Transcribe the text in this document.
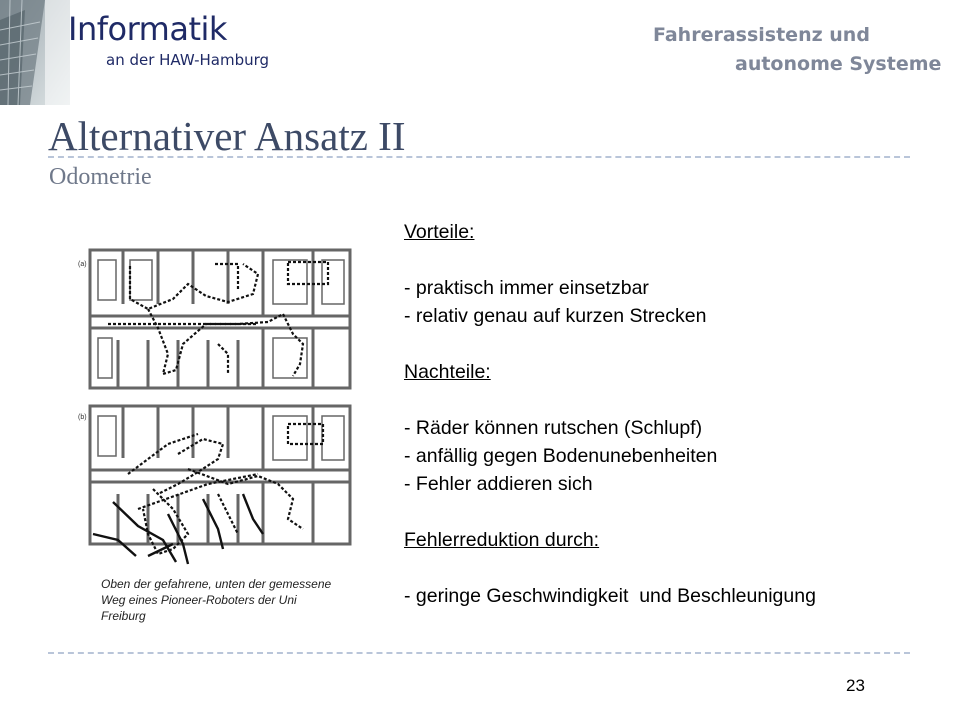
Informatik
an der HAW-Hamburg
Fahrerassistenz und
autonome Systeme
Alternativer Ansatz II
Odometrie
(a)
(b)
Oben der gefahrene, unten der gemessene Weg eines Pioneer-Roboters der Uni Freiburg
Vorteile:
- praktisch immer einsetzbar
- relativ genau auf kurzen Strecken
Nachteile:
- Räder können rutschen (Schlupf)
- anfällig gegen Bodenunebenheiten
- Fehler addieren sich
Fehlerreduktion durch:
- geringe Geschwindigkeit  und Beschleunigung
23
